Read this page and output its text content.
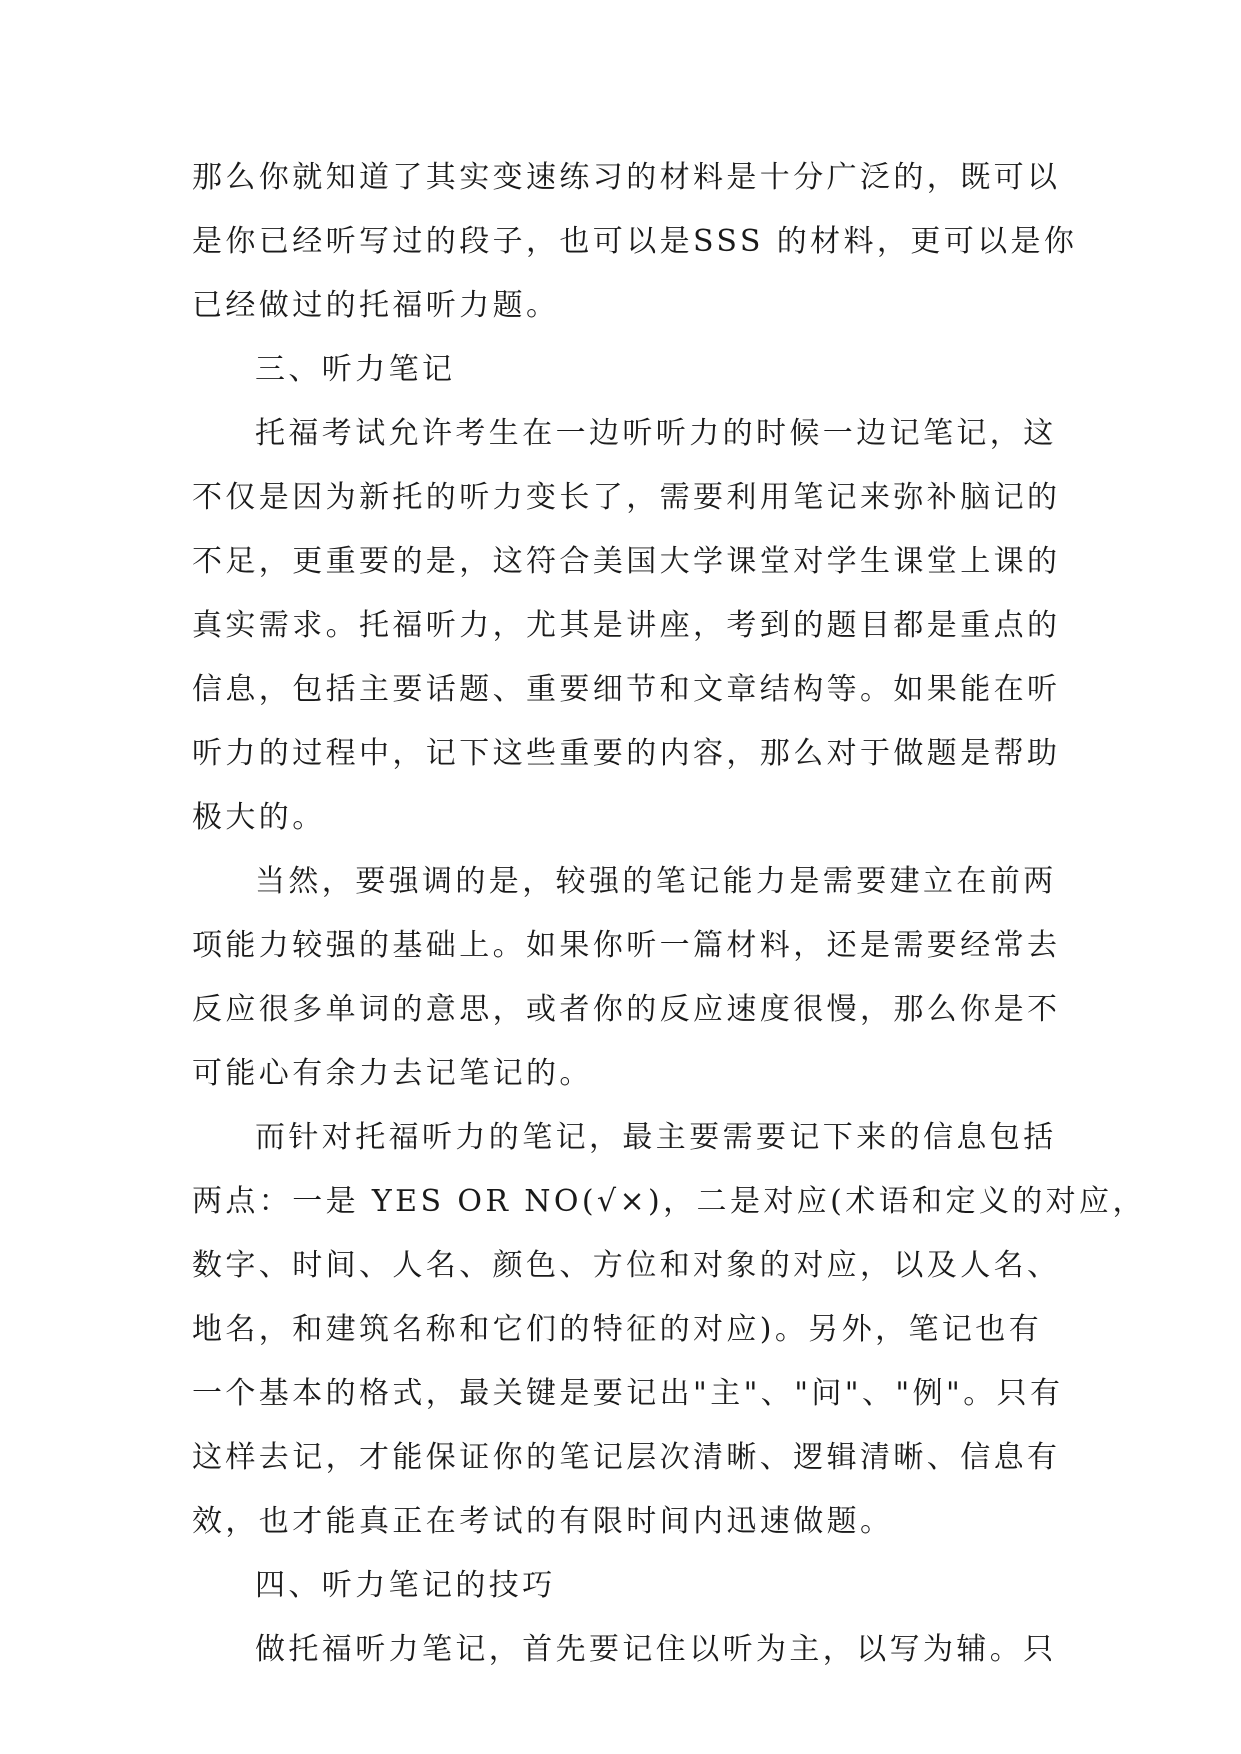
那么你就知道了其实变速练习的材料是十分广泛的，既可以
是你已经听写过的段子，也可以是SSS 的材料，更可以是你
已经做过的托福听力题。
三、听力笔记
托福考试允许考生在一边听听力的时候一边记笔记，这
不仅是因为新托的听力变长了，需要利用笔记来弥补脑记的
不足，更重要的是，这符合美国大学课堂对学生课堂上课的
真实需求。托福听力，尤其是讲座，考到的题目都是重点的
信息，包括主要话题、重要细节和文章结构等。如果能在听
听力的过程中，记下这些重要的内容，那么对于做题是帮助
极大的。
当然，要强调的是，较强的笔记能力是需要建立在前两
项能力较强的基础上。如果你听一篇材料，还是需要经常去
反应很多单词的意思，或者你的反应速度很慢，那么你是不
可能心有余力去记笔记的。
而针对托福听力的笔记，最主要需要记下来的信息包括
两点：一是 YES OR NO(√×)，二是对应(术语和定义的对应，
数字、时间、人名、颜色、方位和对象的对应，以及人名、
地名，和建筑名称和它们的特征的对应)。另外，笔记也有
一个基本的格式，最关键是要记出"主"、"问"、"例"。只有
这样去记，才能保证你的笔记层次清晰、逻辑清晰、信息有
效，也才能真正在考试的有限时间内迅速做题。
四、听力笔记的技巧
做托福听力笔记，首先要记住以听为主，以写为辅。只
